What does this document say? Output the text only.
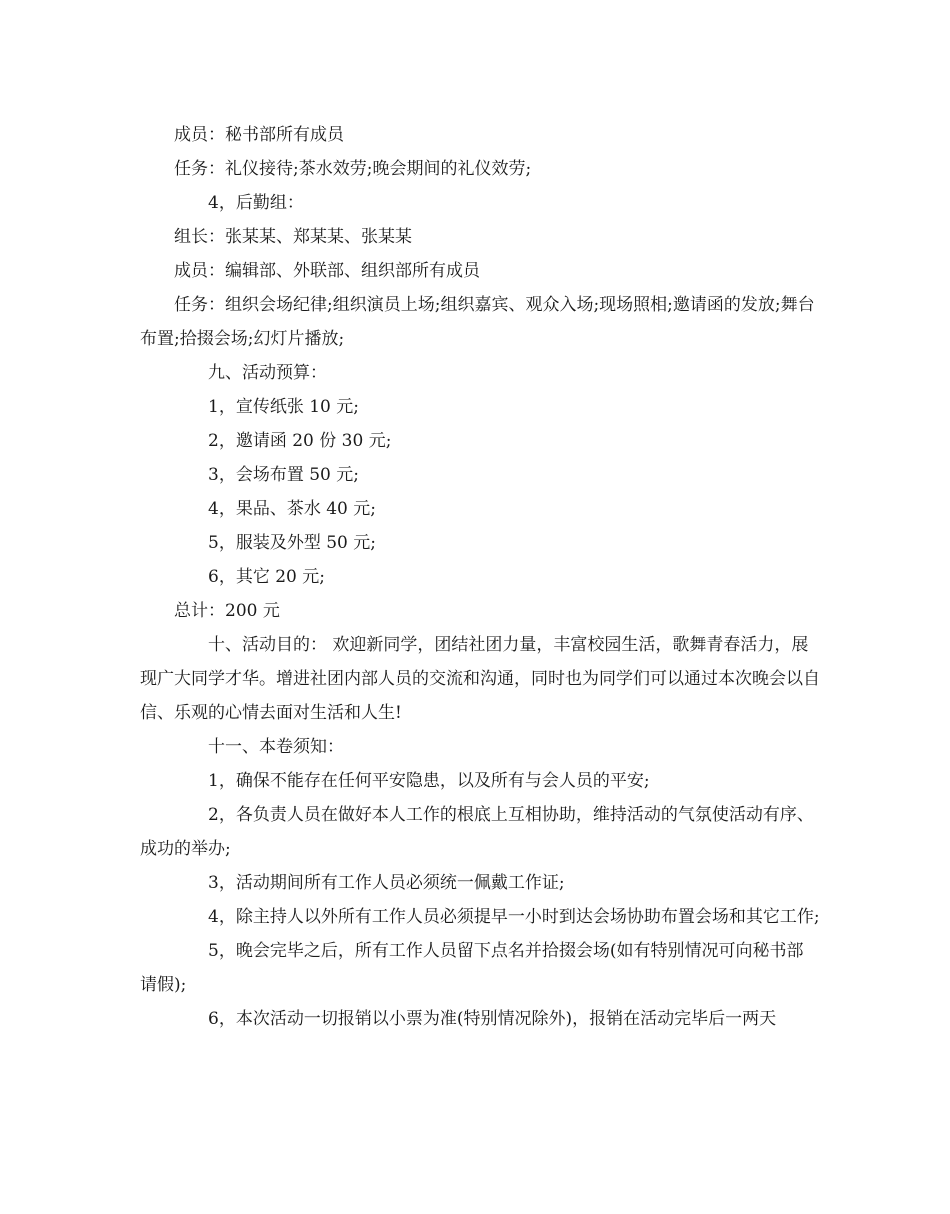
成员：秘书部所有成员

任务：礼仪接待;茶水效劳;晚会期间的礼仪效劳;

4，后勤组：

组长：张某某、郑某某、张某某

成员：编辑部、外联部、组织部所有成员

任务：组织会场纪律;组织演员上场;组织嘉宾、观众入场;现场照相;邀请函的发放;舞台布置;拾掇会场;幻灯片播放;

九、活动预算：

1，宣传纸张 10 元;

2，邀请函 20 份 30 元;

3，会场布置 50 元;

4，果品、茶水 40 元;

5，服装及外型 50 元;

6，其它 20 元;

总计：200 元

十、活动目的： 欢迎新同学，团结社团力量，丰富校园生活，歌舞青春活力，展现广大同学才华。增进社团内部人员的交流和沟通，同时也为同学们可以通过本次晚会以自信、乐观的心情去面对生活和人生!

十一、本卷须知：

1，确保不能存在任何平安隐患，以及所有与会人员的平安;

2，各负责人员在做好本人工作的根底上互相协助，维持活动的气氛使活动有序、成功的举办;

3，活动期间所有工作人员必须统一佩戴工作证;

4，除主持人以外所有工作人员必须提早一小时到达会场协助布置会场和其它工作;

5，晚会完毕之后，所有工作人员留下点名并拾掇会场(如有特别情况可向秘书部请假);

6，本次活动一切报销以小票为准(特别情况除外)，报销在活动完毕后一两天
